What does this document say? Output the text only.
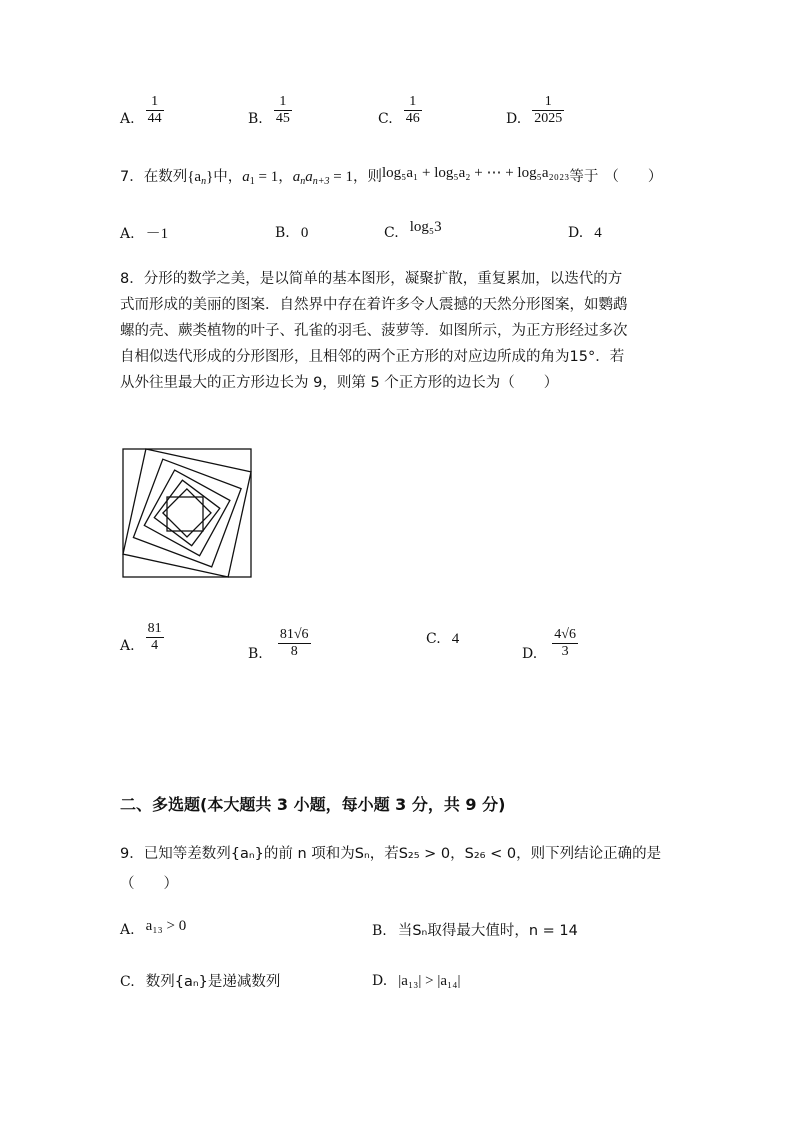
A. $\frac{1}{44}$	B. $\frac{1}{45}$	C. $\frac{1}{46}$	D. $\frac{1}{2025}$
7．在数列$\{a_n\}$中，$a_1 = 1$，$a_na_{n+3} = 1$，则log₅a₁ + log₅a₂ + ⋯ + log₅a₂₀₂₃等于 （　　）
A. －1	B. 0	C. log₅3	D. 4
8．分形的数学之美，是以简单的基本图形，凝聚扩散，重复累加，以迭代的方
式而形成的美丽的图案．自然界中存在着许多令人震撼的天然分形图案，如鹦鹉
螺的壳、蕨类植物的叶子、孔雀的羽毛、菠萝等．如图所示，为正方形经过多次
自相似迭代形成的分形图形，且相邻的两个正方形的对应边所成的角为15°．若
从外往里最大的正方形边长为 9，则第 5 个正方形的边长为（　　）
A. $\frac{81}{4}$
B. $\frac{81√6}{8}$	C. 4
D. $\frac{4√6}{3}$
二、多选题(本大题共 3 小题，每小题 3 分，共 9 分)
9．已知等差数列{aₙ}的前 n 项和为Sₙ，若S₂₅ > 0，S₂₆ < 0，则下列结论正确的是
（　　）
A. a₁₃ > 0	B. 当Sₙ取得最大值时，n = 14
C. 数列{aₙ}是递减数列	D. |a₁₃| > |a₁₄|
